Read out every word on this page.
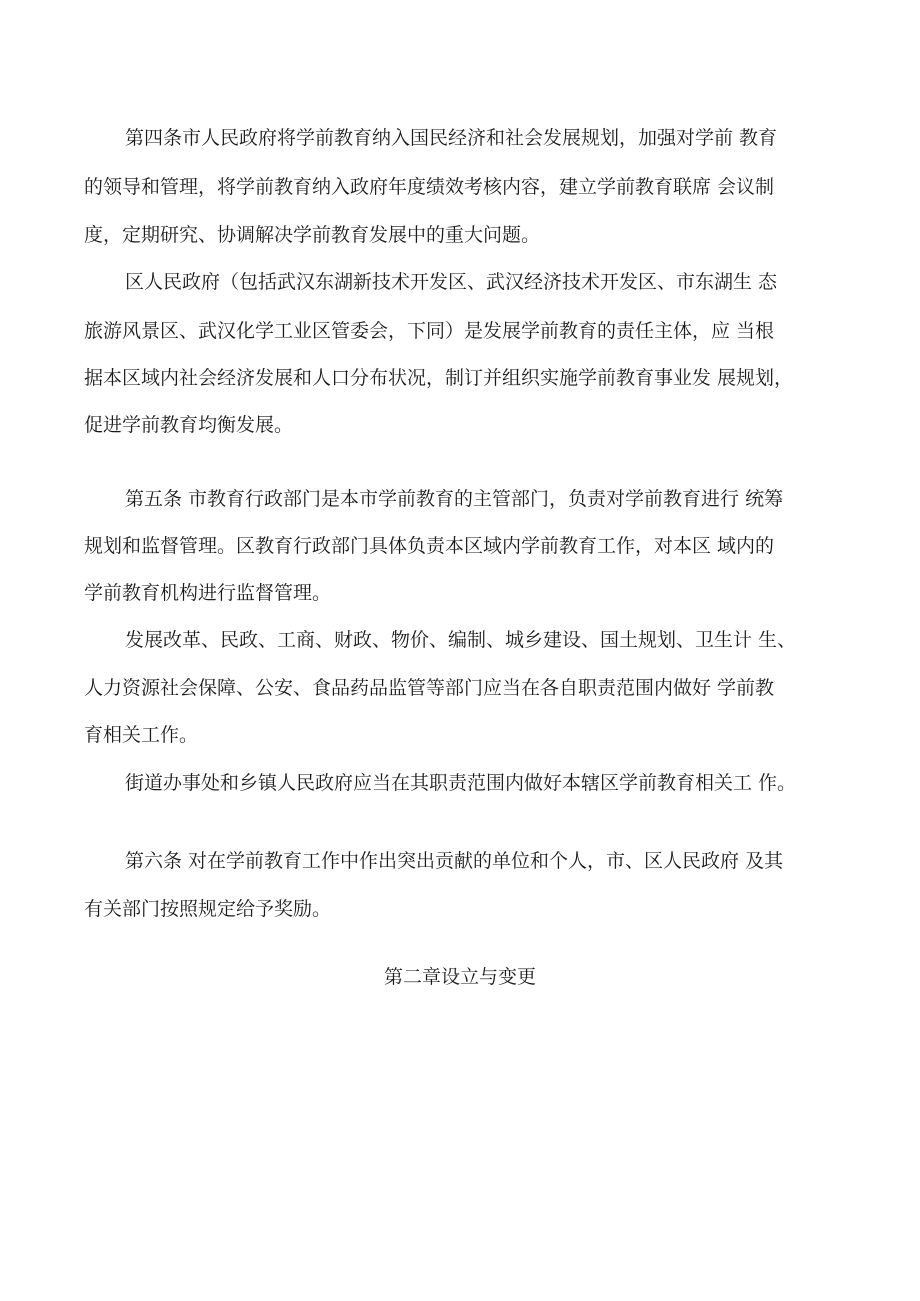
第四条市人民政府将学前教育纳入国民经济和社会发展规划，加强对学前 教育

的领导和管理，将学前教育纳入政府年度绩效考核内容，建立学前教育联席 会议制

度，定期研究、协调解决学前教育发展中的重大问题。

区人民政府（包括武汉东湖新技术开发区、武汉经济技术开发区、市东湖生 态

旅游风景区、武汉化学工业区管委会，下同）是发展学前教育的责任主体，应 当根

据本区域内社会经济发展和人口分布状况，制订并组织实施学前教育事业发 展规划，

促进学前教育均衡发展。

第五条 市教育行政部门是本市学前教育的主管部门，负责对学前教育进行 统筹

规划和监督管理。区教育行政部门具体负责本区域内学前教育工作，对本区 域内的

学前教育机构进行监督管理。

发展改革、民政、工商、财政、物价、编制、城乡建设、国土规划、卫生计 生、

人力资源社会保障、公安、食品药品监管等部门应当在各自职责范围内做好 学前教

育相关工作。

街道办事处和乡镇人民政府应当在其职责范围内做好本辖区学前教育相关工 作。

第六条 对在学前教育工作中作出突出贡献的单位和个人，市、区人民政府 及其

有关部门按照规定给予奖励。

第二章设立与变更
